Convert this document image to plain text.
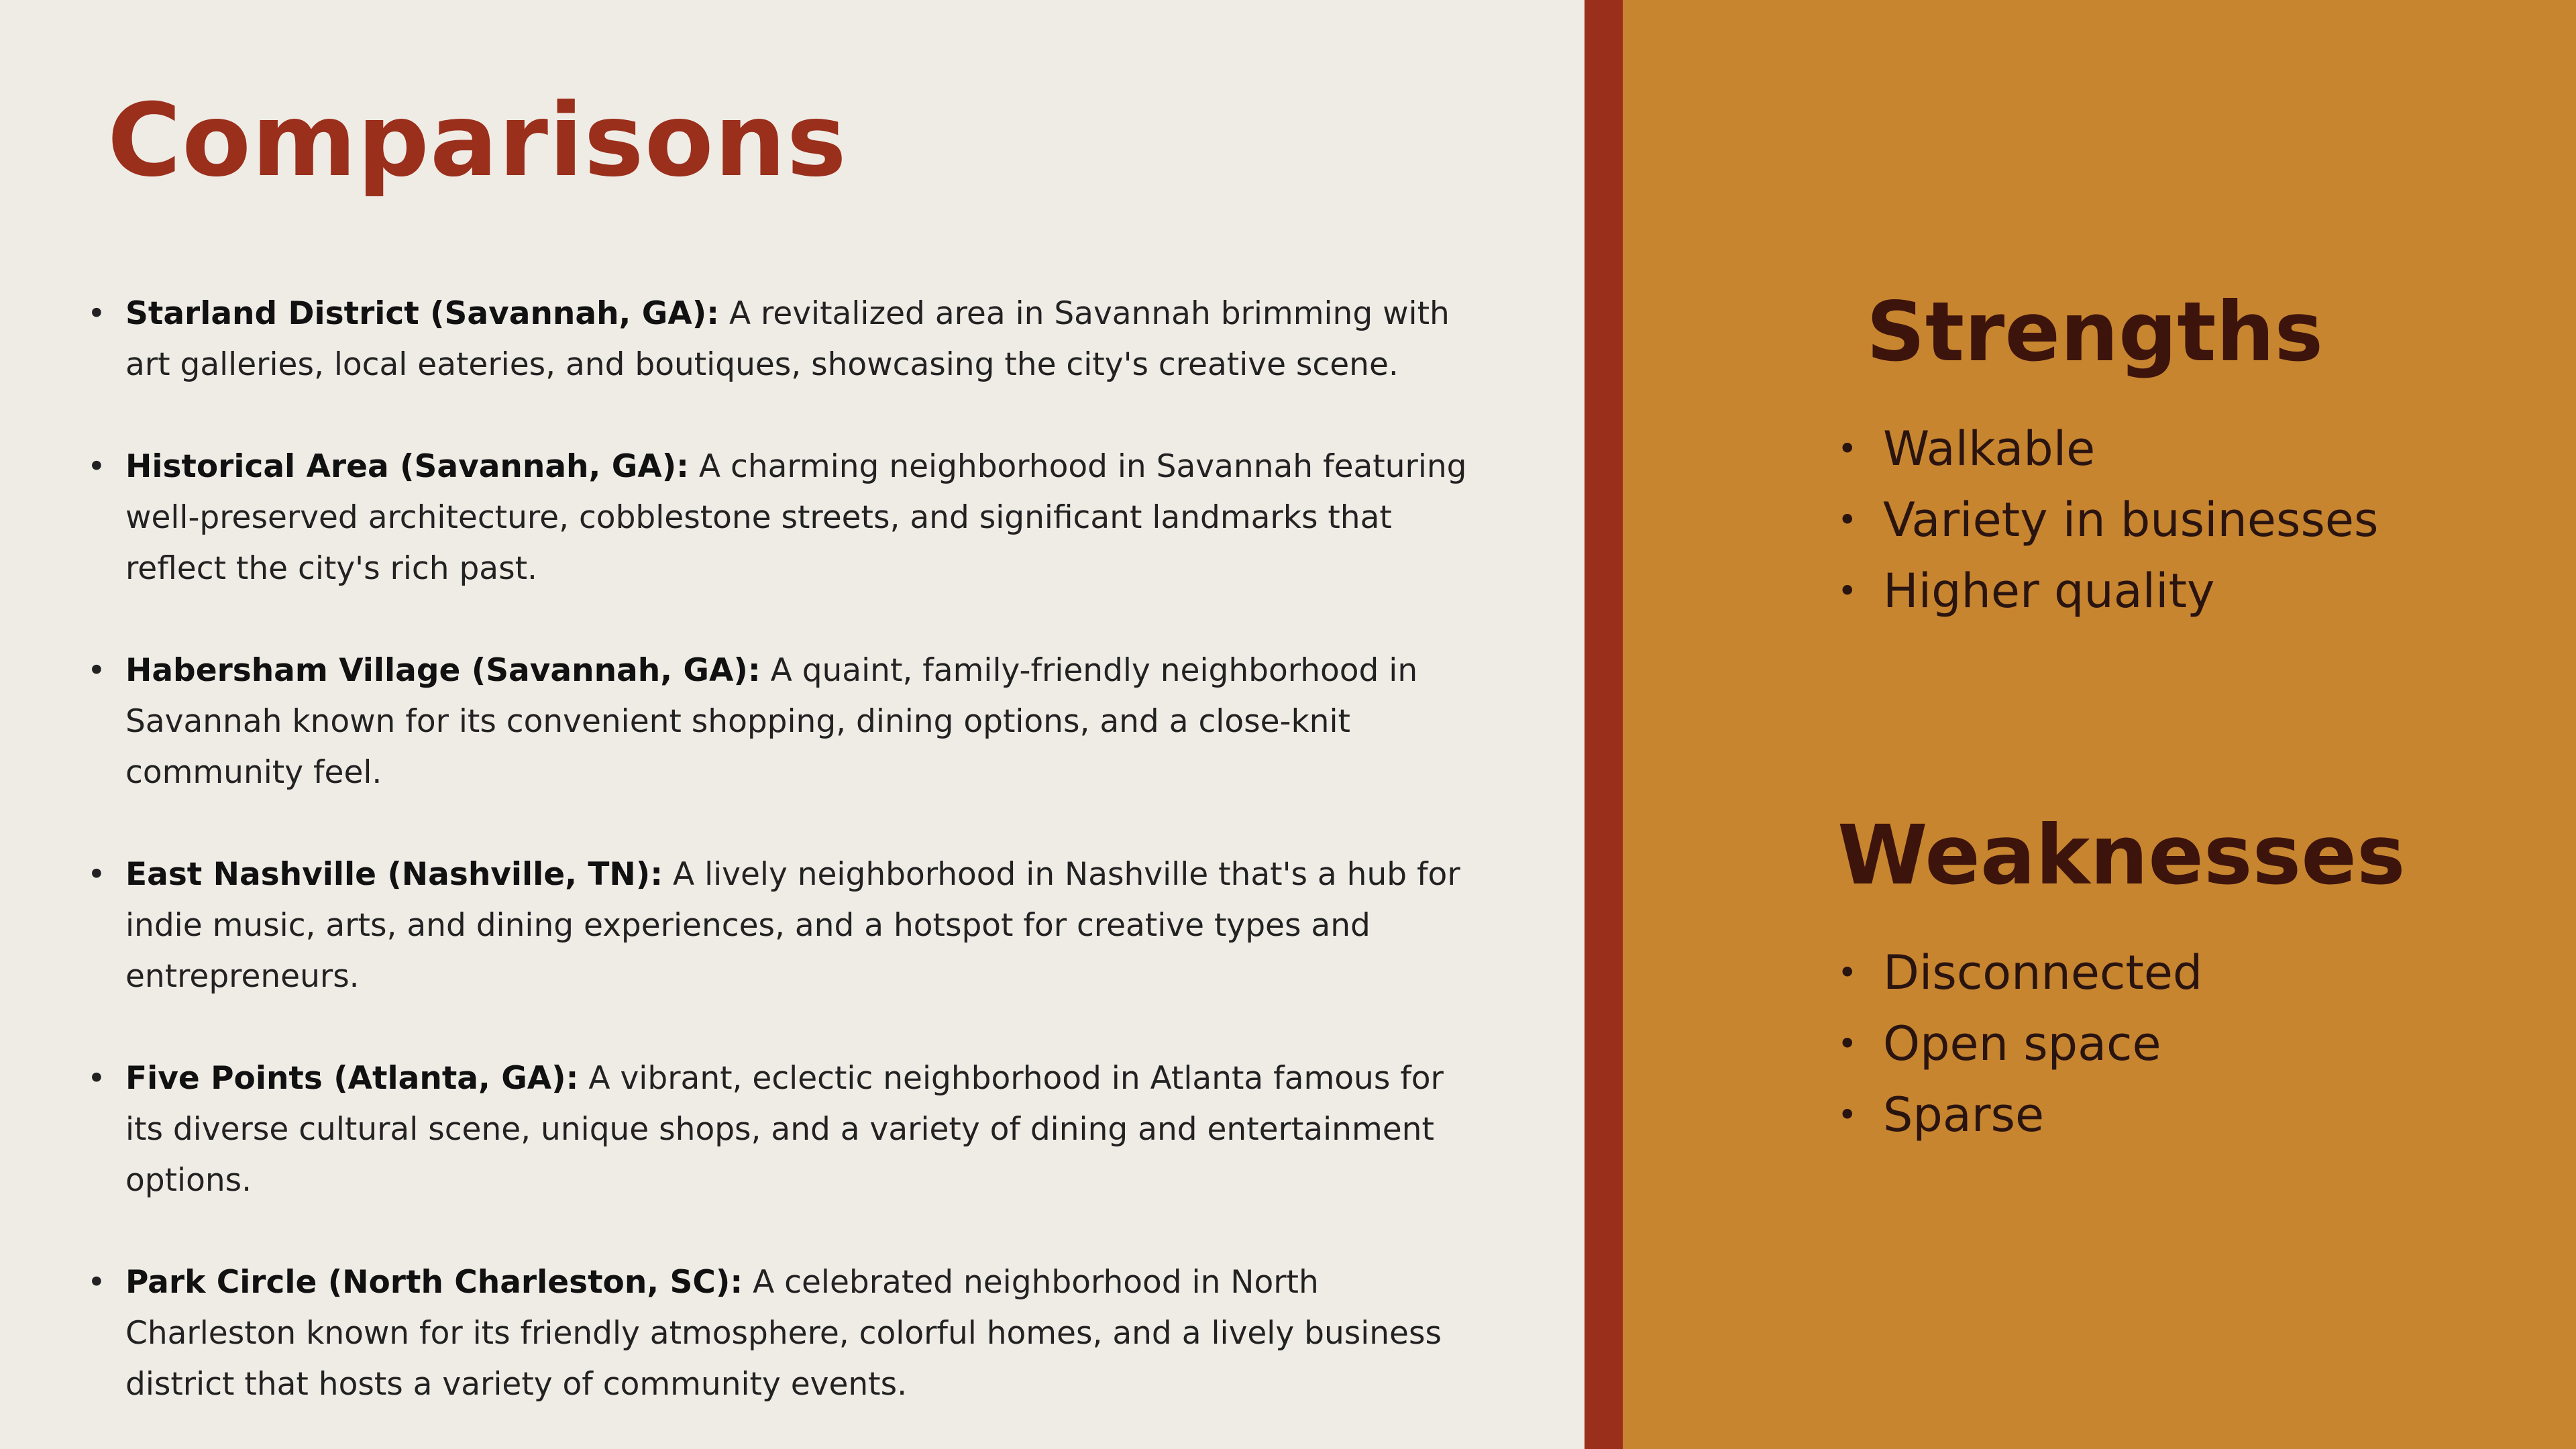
Comparisons
• Starland District (Savannah, GA): A revitalized area in Savannah brimming with art galleries, local eateries, and boutiques, showcasing the city's creative scene.
• Historical Area (Savannah, GA): A charming neighborhood in Savannah featuring well-preserved architecture, cobblestone streets, and significant landmarks that reflect the city's rich past.
• Habersham Village (Savannah, GA): A quaint, family-friendly neighborhood in Savannah known for its convenient shopping, dining options, and a close-knit community feel.
• East Nashville (Nashville, TN): A lively neighborhood in Nashville that's a hub for indie music, arts, and dining experiences, and a hotspot for creative types and entrepreneurs.
• Five Points (Atlanta, GA): A vibrant, eclectic neighborhood in Atlanta famous for its diverse cultural scene, unique shops, and a variety of dining and entertainment options.
• Park Circle (North Charleston, SC): A celebrated neighborhood in North Charleston known for its friendly atmosphere, colorful homes, and a lively business district that hosts a variety of community events.
Strengths
• Walkable
• Variety in businesses
• Higher quality
Weaknesses
• Disconnected
• Open space
• Sparse
